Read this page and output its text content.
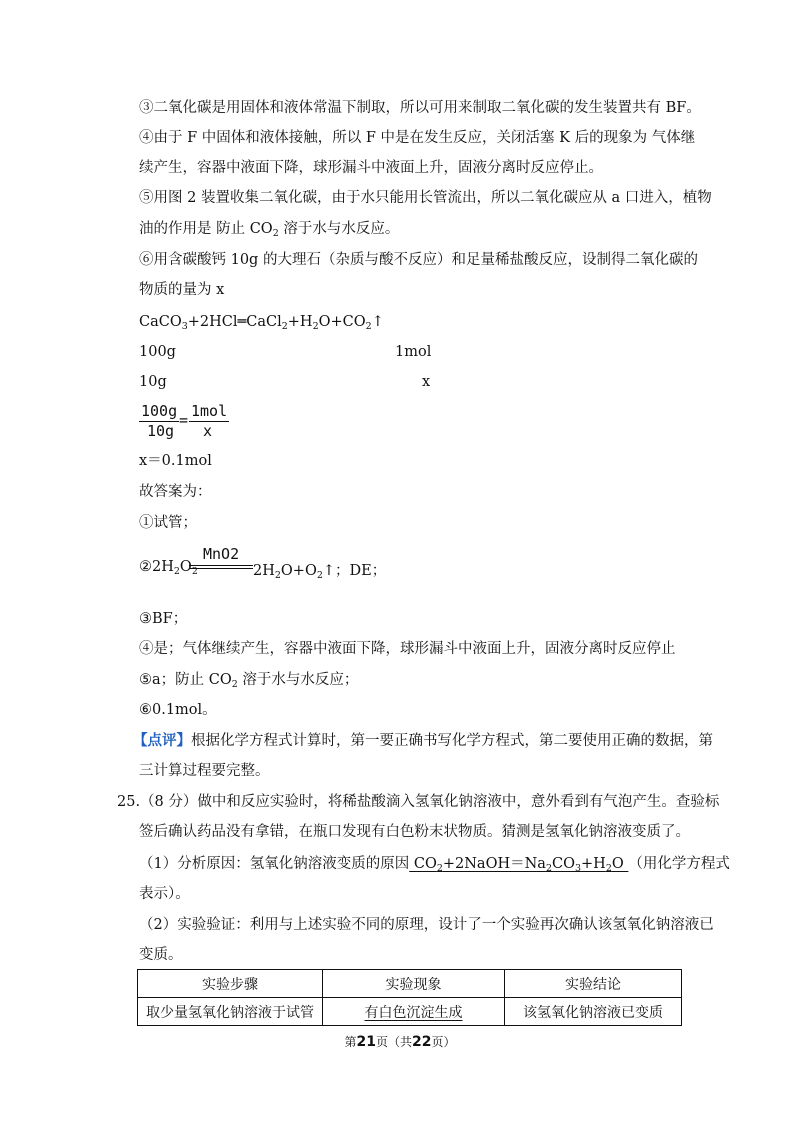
③二氧化碳是用固体和液体常温下制取，所以可用来制取二氧化碳的发生装置共有 BF。
④由于 F 中固体和液体接触，所以 F 中是在发生反应，关闭活塞 K 后的现象为 气体继
续产生，容器中液面下降，球形漏斗中液面上升，固液分离时反应停止。
⑤用图 2 装置收集二氧化碳，由于水只能用长管流出，所以二氧化碳应从 a 口进入，植物
油的作用是 防止 $CO_2$ 溶于水与水反应。
⑥用含碳酸钙 10g 的大理石（杂质与酸不反应）和足量稀盐酸反应，设制得二氧化碳的
物质的量为 x
$CaCO_3+2HCl═CaCl_2+H_2O+CO_2↑$
100g	1mol
10g	x
100g
10g
= 1mol
x
x＝0.1mol
故答案为：
①试管；
MnO2
$②2H_2O_2$	$2H_2O+O_2↑$；DE；
③BF；
④是；气体继续产生，容器中液面下降，球形漏斗中液面上升，固液分离时反应停止
⑤a；防止 $CO_2$ 溶于水与水反应；
⑥0.1mol。
【点评】根据化学方程式计算时，第一要正确书写化学方程式，第二要使用正确的数据，第
三计算过程要完整。
25.（8 分）做中和反应实验时，将稀盐酸滴入氢氧化钠溶液中，意外看到有气泡产生。查验标
签后确认药品没有拿错，在瓶口发现有白色粉末状物质。猜测是氢氧化钠溶液变质了。
（1）分析原因：氢氧化钠溶液变质的原因 $CO_2+2NaOH=Na_2CO_3+H_2O$ （用化学方程式
表示）。
（2）实验验证：利用与上述实验不同的原理，设计了一个实验再次确认该氢氧化钠溶液已
变质。
实验步骤	实验现象	实验结论
取少量氢氧化钠溶液于试管	有白色沉淀生成	该氢氧化钠溶液已变质
第21页（共22页）
